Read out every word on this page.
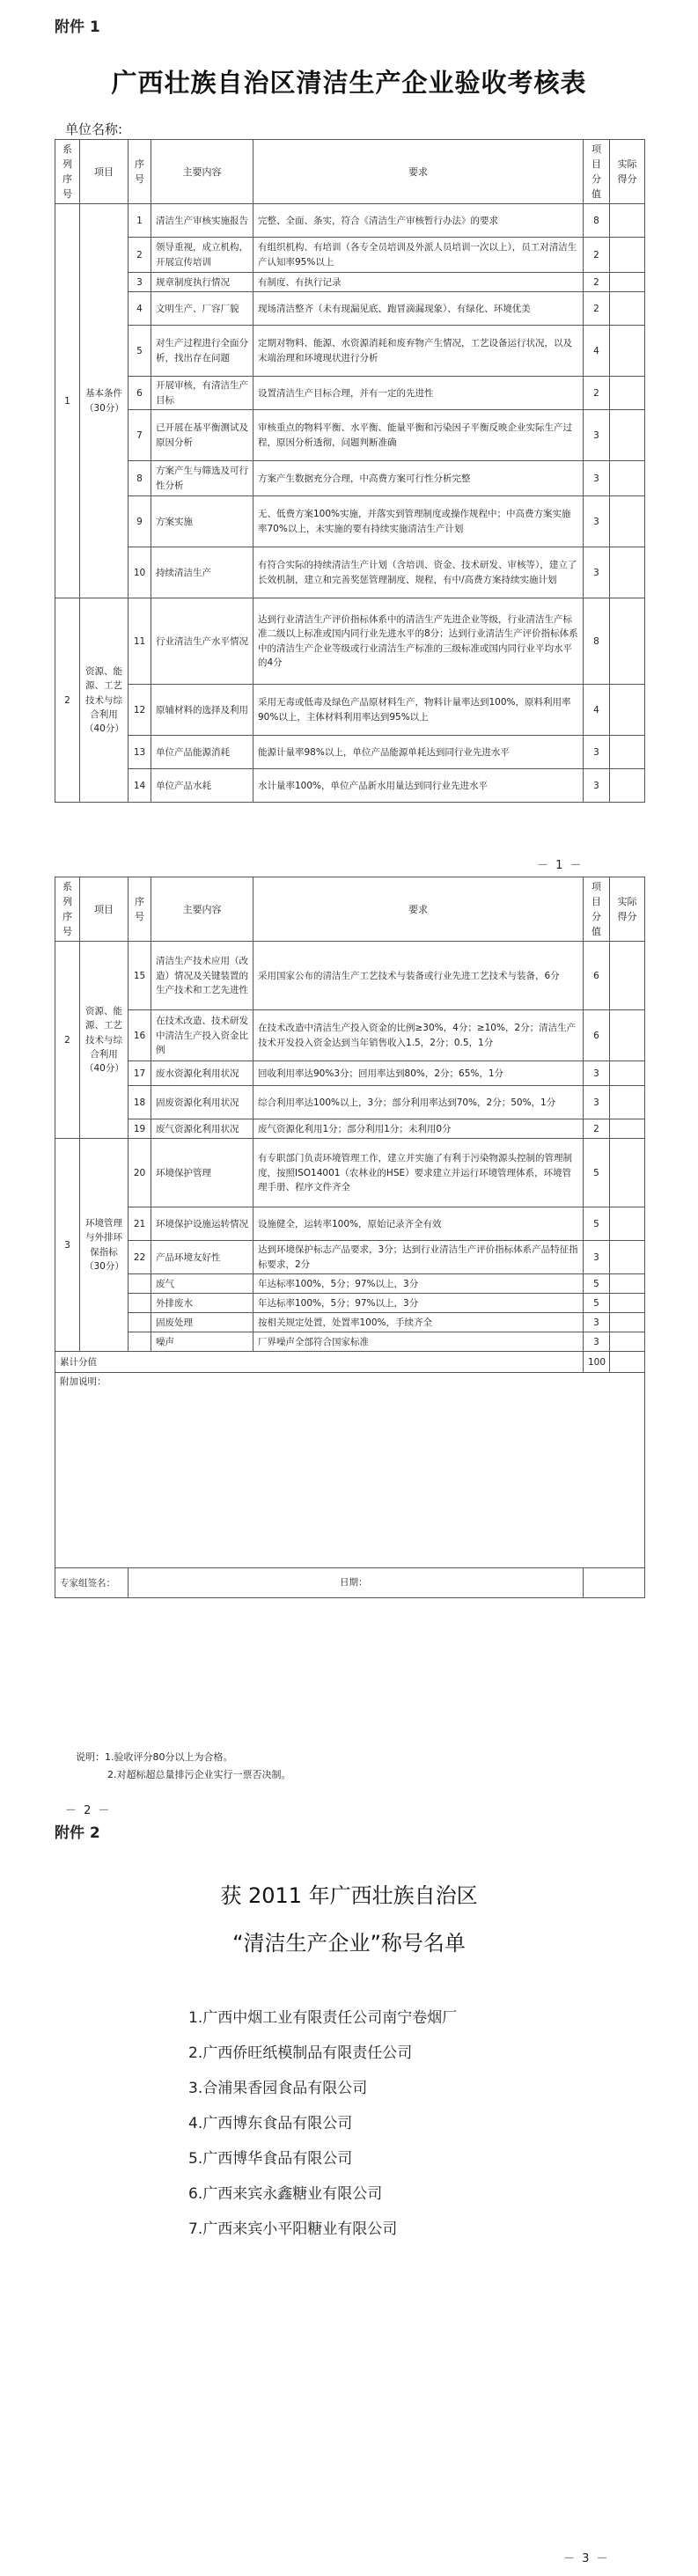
附件 1
广西壮族自治区清洁生产企业验收考核表
单位名称:
系列序号	项目	序号	主要内容	要求	项目分值	实际得分
1	基本条件（30分）	1	清洁生产审核实施报告	完整、全面、条实，符合《清洁生产审核暂行办法》的要求	8	
		2	领导重视，成立机构，开展宣传培训	有组织机构、有培训（各专全员培训及外派人员培训一次以上），员工对清洁生产认知率95%以上	2	
		3	规章制度执行情况	有制度、有执行记录	2	
		4	文明生产、厂容厂貌	现场清洁整齐（未有现漏见底、跑冒滴漏现象）、有绿化、环境优美	2	
		5	对生产过程进行全面分析，找出存在问题	定期对物料、能源、水资源消耗和废弃物产生情况，工艺设备运行状况，以及末端治理和环境现状进行分析	4	
		6	开展审核，有清洁生产目标	设置清洁生产目标合理，并有一定的先进性	2	
		7	已开展在基平衡测试及原因分析	审核重点的物料平衡、水平衡、能量平衡和污染因子平衡反映企业实际生产过程，原因分析透彻，问题判断准确	3	
		8	方案产生与筛选及可行性分析	方案产生数据充分合理，中高费方案可行性分析完整	3	
		9	方案实施	无、低费方案100%实施，并落实到管理制度或操作规程中；中高费方案实施率70%以上，未实施的要有持续实施清洁生产计划	3	
		10	持续清洁生产	有符合实际的持续清洁生产计划（含培训、资金、技术研发、审核等），建立了长效机制，建立和完善奖惩管理制度、规程，有中/高费方案持续实施计划	3	
2	资源、能源、工艺技术与综合利用（40分）	11	行业清洁生产水平情况	达到行业清洁生产评价指标体系中的清洁生产先进企业等级，行业清洁生产标准二级以上标准或国内同行业先进水平的8分；达到行业清洁生产评价指标体系中的清洁生产企业等级或行业清洁生产标准的三级标准或国内同行业平均水平的4分	8	
		12	原辅材料的选择及利用	采用无毒或低毒及绿色产品原材料生产，物料计量率达到100%，原料利用率90%以上，主体材料利用率达到95%以上	4	
		13	单位产品能源消耗	能源计量率98%以上，单位产品能源单耗达到同行业先进水平	3	
		14	单位产品水耗	水计量率100%，单位产品新水用量达到同行业先进水平	3	
－ 1 －
系列序号	项目	序号	主要内容	要求	项目分值	实际得分
2	资源、能源、工艺技术与综合利用（40分）	15	清洁生产技术应用（改造）情况及关键装置的生产技术和工艺先进性	采用国家公布的清洁生产工艺技术与装备或行业先进工艺技术与装备，6分	6	
		16	在技术改造、技术研发中清洁生产投入资金比例	在技术改造中清洁生产投入资金的比例≥30%，4分；≥10%，2分；清洁生产技术开发投入资金达到当年销售收入1.5，2分；0.5，1分	6	
		17	废水资源化利用状况	回收利用率达90%3分；回用率达到80%，2分；65%，1分	3	
		18	固废资源化利用状况	综合利用率达100%以上，3分；部分利用率达到70%，2分；50%，1分	3	
		19	废气资源化利用状况	废气资源化利用1分；部分利用1分；未利用0分	2	
3	环境管理与外排环保指标（30分）	20	环境保护管理	有专职部门负责环境管理工作，建立并实施了有利于污染物源头控制的管理制度，按照ISO14001（农林业的HSE）要求建立并运行环境管理体系，环境管理手册、程序文件齐全	5	
		21	环境保护设施运转情况	设施健全，运转率100%，原始记录齐全有效	5	
		22	产品环境友好性	达到环境保护标志产品要求，3分；达到行业清洁生产评价指标体系产品特征指标要求，2分	3	
			废气	年达标率100%，5分；97%以上，3分	5	
			外排废水	年达标率100%，5分；97%以上，3分	5	
			固废处理	按相关规定处置，处置率100%，手续齐全	3	
			噪声	厂界噪声全部符合国家标准	3	
累计分值					100	
附加说明：						
专家组签名：		日期：				

说明：1.验收评分80分以上为合格。
2.对超标超总量排污企业实行一票否决制。
－ 2 －
附件 2
获 2011 年广西壮族自治区
“清洁生产企业”称号名单
1.广西中烟工业有限责任公司南宁卷烟厂
2.广西侨旺纸模制品有限责任公司
3.合浦果香园食品有限公司
4.广西博东食品有限公司
5.广西博华食品有限公司
6.广西来宾永鑫糖业有限公司
7.广西来宾小平阳糖业有限公司
－ 3 －
